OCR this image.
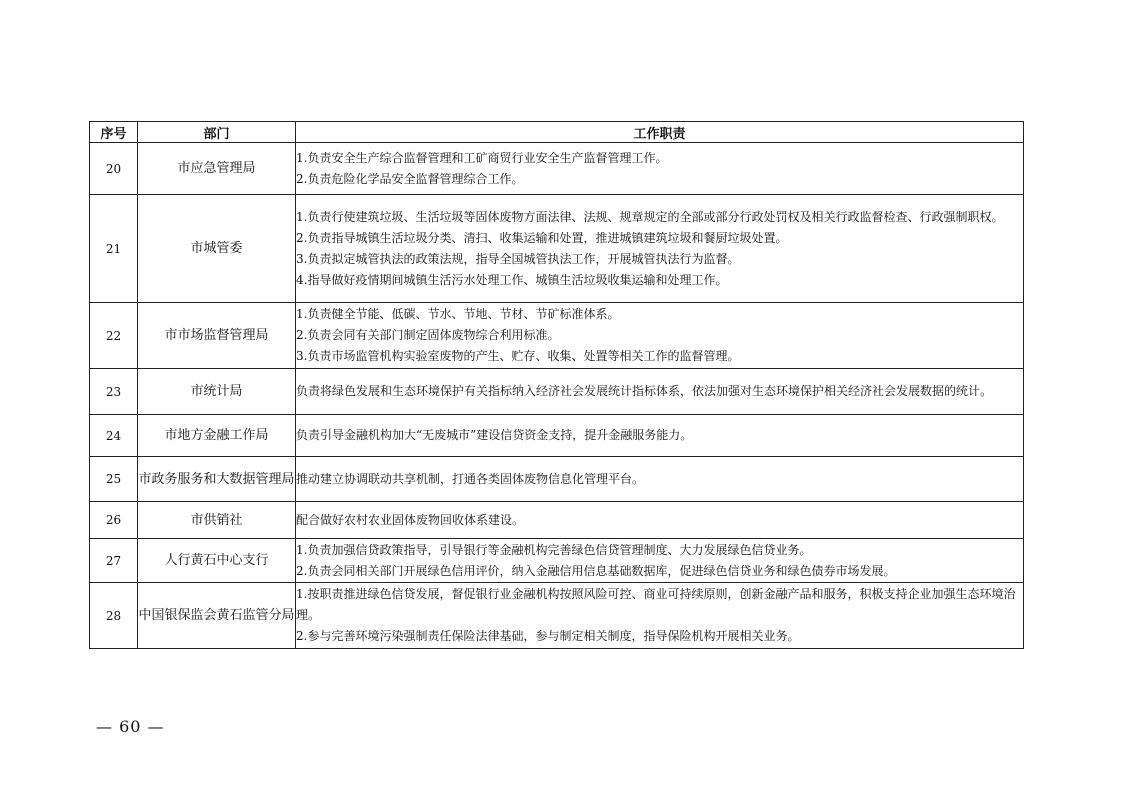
序号	部门	工作职责
20	市应急管理局	1.负责安全生产综合监督管理和工矿商贸行业安全生产监督管理工作。
2.负责危险化学品安全监督管理综合工作。

21	市城管委	1.负责行使建筑垃圾、生活垃圾等固体废物方面法律、法规、规章规定的全部或部分行政处罚权及相关行政监督检查、行政强制职权。
2.负责指导城镇生活垃圾分类、清扫、收集运输和处置，推进城镇建筑垃圾和餐厨垃圾处置。
3.负责拟定城管执法的政策法规，指导全国城管执法工作，开展城管执法行为监督。
4.指导做好疫情期间城镇生活污水处理工作、城镇生活垃圾收集运输和处理工作。

22	市市场监督管理局	1.负责健全节能、低碳、节水、节地、节材、节矿标准体系。
2.负责会同有关部门制定固体废物综合利用标准。
3.负责市场监管机构实验室废物的产生、贮存、收集、处置等相关工作的监督管理。

23	市统计局	负责将绿色发展和生态环境保护有关指标纳入经济社会发展统计指标体系，依法加强对生态环境保护相关经济社会发展数据的统计。

24	市地方金融工作局	负责引导金融机构加大“无废城市”建设信贷资金支持，提升金融服务能力。

25	市政务服务和大数据管理局	推动建立协调联动共享机制，打通各类固体废物信息化管理平台。

26	市供销社	配合做好农村农业固体废物回收体系建设。

27	人行黄石中心支行	1.负责加强信贷政策指导，引导银行等金融机构完善绿色信贷管理制度、大力发展绿色信贷业务。
2.负责会同相关部门开展绿色信用评价，纳入金融信用信息基础数据库，促进绿色信贷业务和绿色债券市场发展。

28	中国银保监会黄石监管分局	1.按职责推进绿色信贷发展，督促银行业金融机构按照风险可控、商业可持续原则，创新金融产品和服务，积极支持企业加强生态环境治理。
2.参与完善环境污染强制责任保险法律基础，参与制定相关制度，指导保险机构开展相关业务。
— 60 —
